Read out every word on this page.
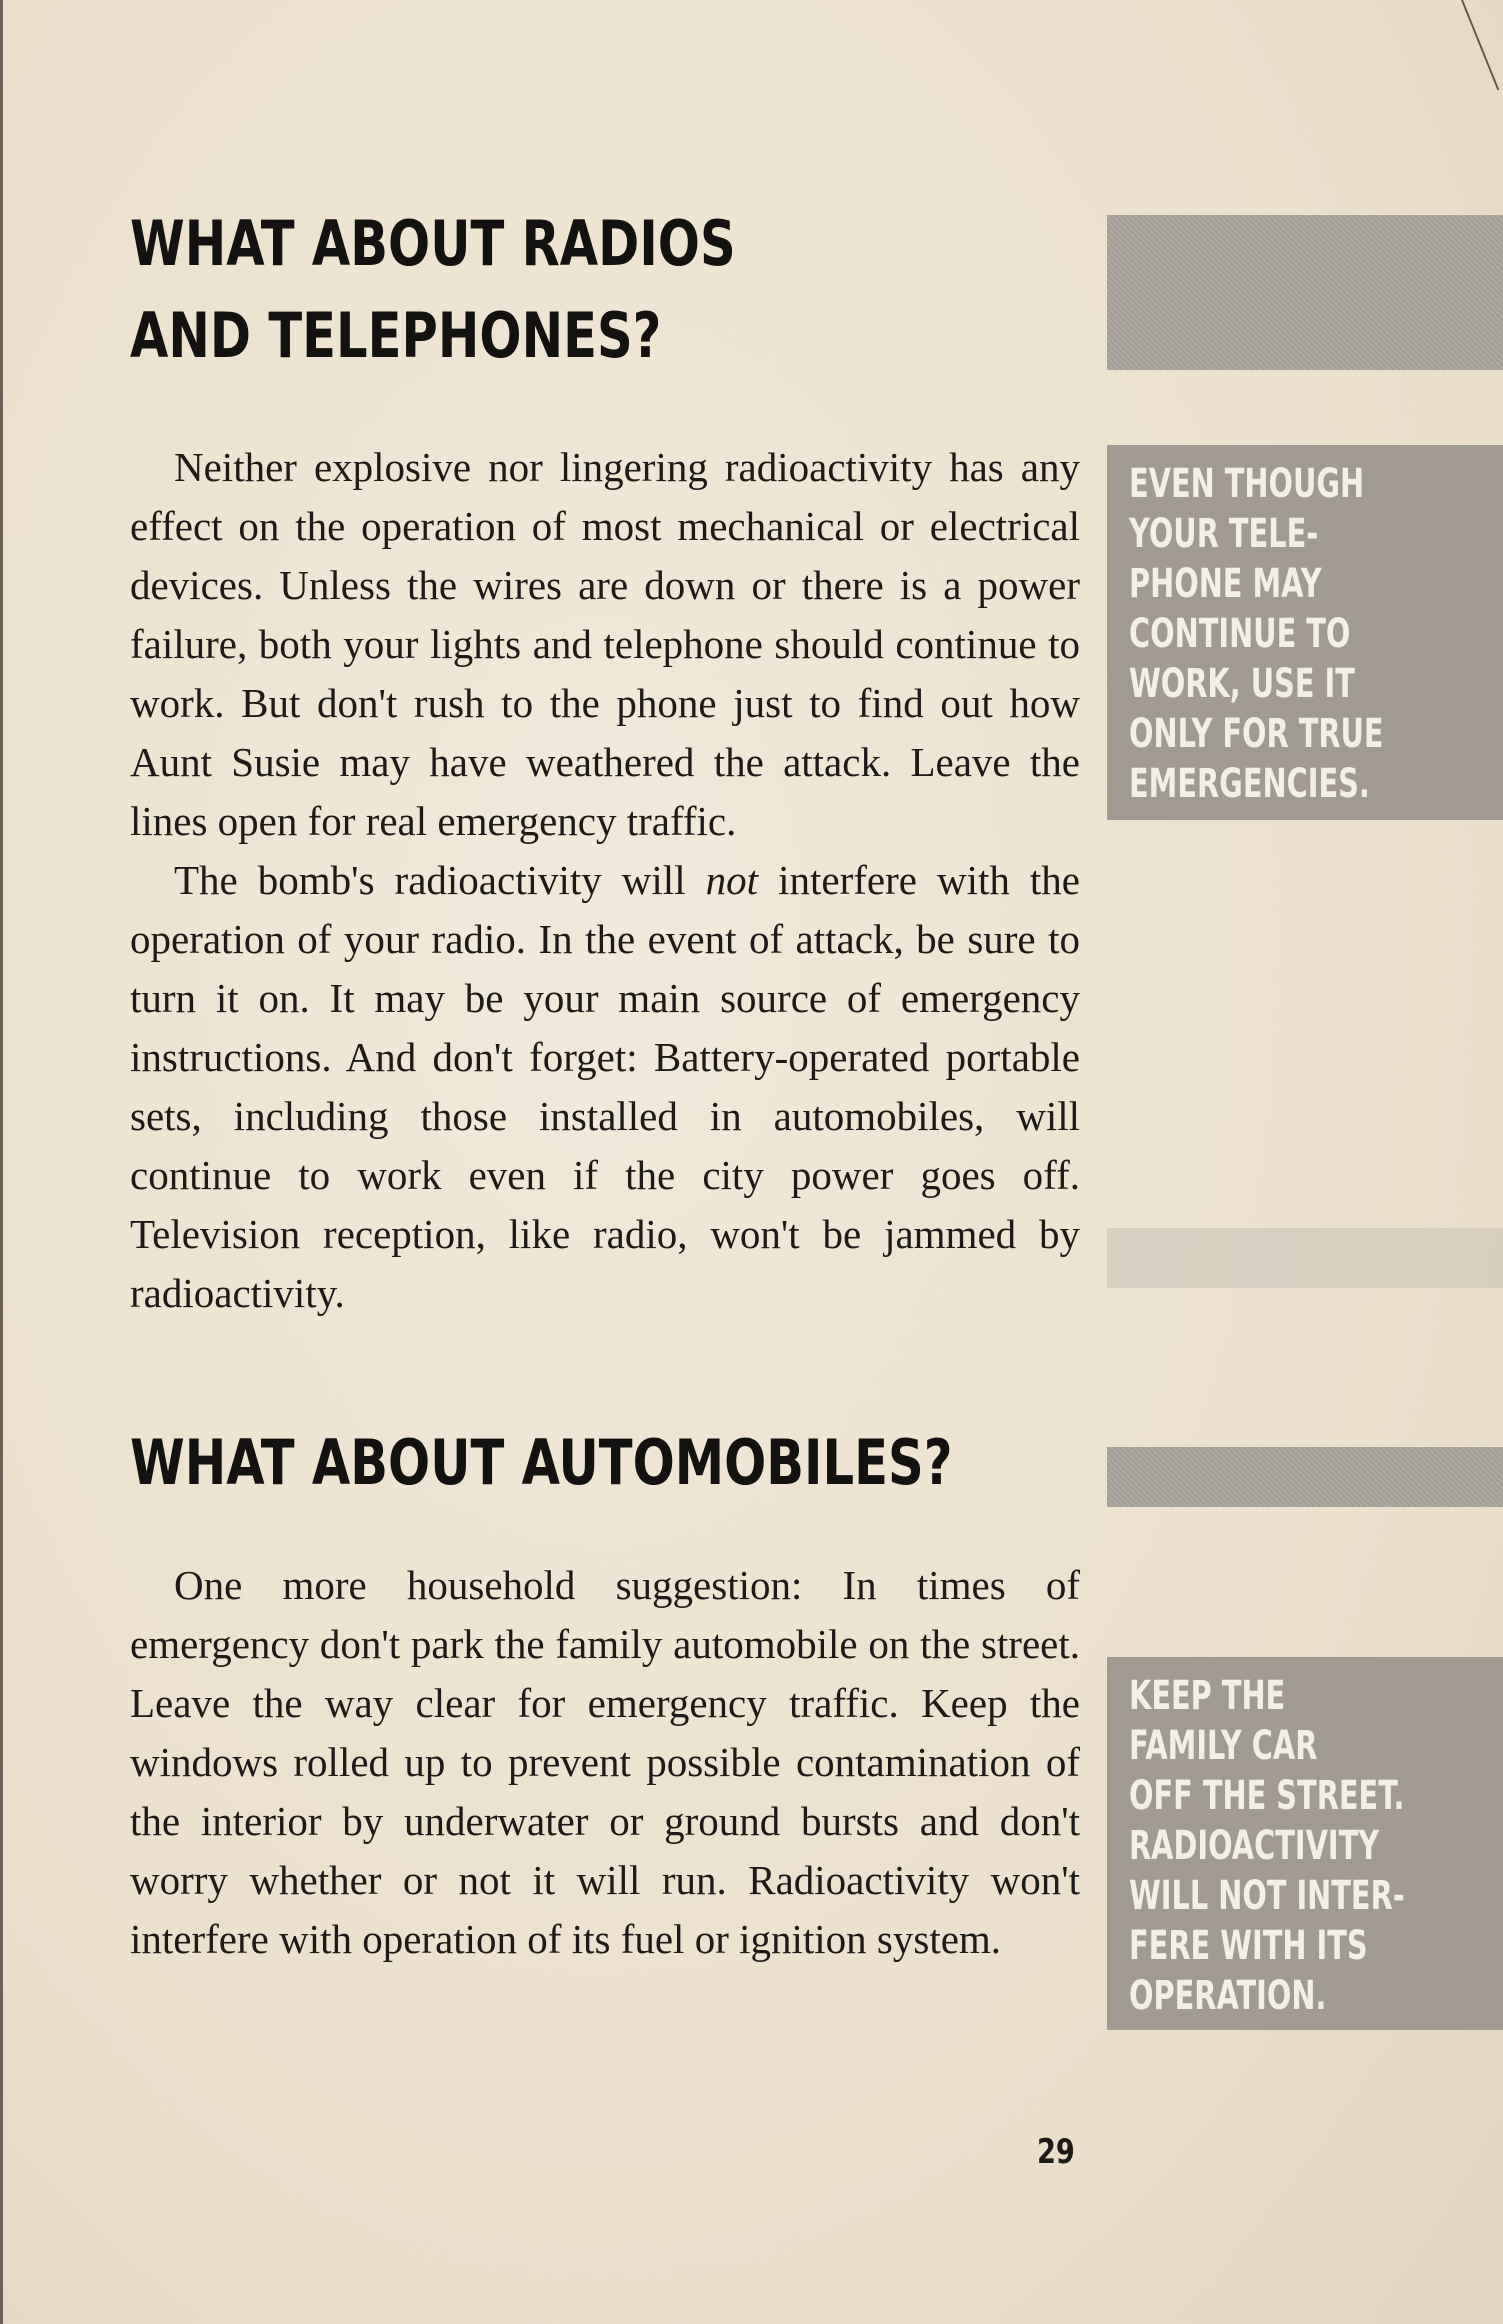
WHAT ABOUT RADIOS
AND TELEPHONES?

Neither explosive nor lingering radioactivity has any effect on the operation of most mechanical or electrical devices. Unless the wires are down or there is a power failure, both your lights and telephone should continue to work. But don't rush to the phone just to find out how Aunt Susie may have weathered the attack. Leave the lines open for real emergency traffic.

The bomb's radioactivity will not interfere with the operation of your radio. In the event of attack, be sure to turn it on. It may be your main source of emergency instructions. And don't forget: Battery-operated portable sets, including those installed in automobiles, will continue to work even if the city power goes off. Television reception, like radio, won't be jammed by radioactivity.

EVEN THOUGH
YOUR TELE-
PHONE MAY
CONTINUE TO
WORK, USE IT
ONLY FOR TRUE
EMERGENCIES.
WHAT ABOUT AUTOMOBILES?

One more household suggestion: In times of emergency don't park the family automobile on the street. Leave the way clear for emergency traffic. Keep the windows rolled up to prevent possible contamination of the interior by underwater or ground bursts and don't worry whether or not it will run. Radioactivity won't interfere with operation of its fuel or ignition system.

KEEP THE
FAMILY CAR
OFF THE STREET.
RADIOACTIVITY
WILL NOT INTER-
FERE WITH ITS
OPERATION.
29
